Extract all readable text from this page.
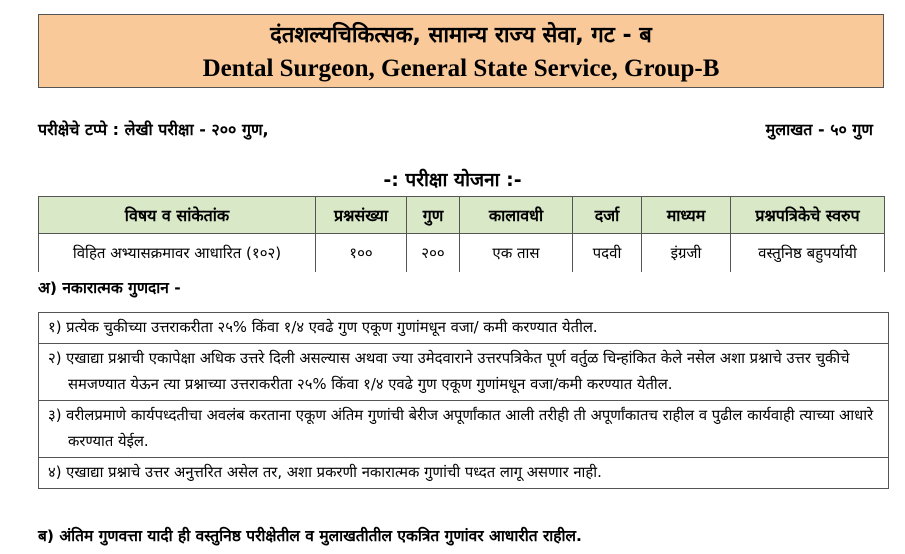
दंतशल्यचिकित्सक, सामान्य राज्य सेवा, गट - ब
Dental Surgeon, General State Service, Group-B
परीक्षेचे टप्पे : लेखी परीक्षा - २०० गुण,	मुलाखत - ५० गुण
-: परीक्षा योजना :-
विषय व सांकेतांक	प्रश्नसंख्या	गुण	कालावधी	दर्जा	माध्यम	प्रश्नपत्रिकेचे स्वरुप
विहित अभ्यासक्रमावर आधारित (१०२)	१००	२००	एक तास	पदवी	इंग्रजी	वस्तुनिष्ठ बहुपर्यायी
अ) नकारात्मक गुणदान -
१) प्रत्येक चुकीच्या उत्तराकरीता २५% किंवा १/४ एवढे गुण एकूण गुणांमधून वजा/ कमी करण्यात येतील.
२) एखाद्या प्रश्नाची एकापेक्षा अधिक उत्तरे दिली असल्यास अथवा ज्या उमेदवाराने उत्तरपत्रिकेत पूर्ण वर्तुळ चिन्हांकित केले नसेल अशा प्रश्नाचे उत्तर चुकीचे समजण्यात येऊन त्या प्रश्नाच्या उत्तराकरीता २५% किंवा १/४ एवढे गुण एकूण गुणांमधून वजा/कमी करण्यात येतील.
३) वरीलप्रमाणे कार्यपध्दतीचा अवलंब करताना एकूण अंतिम गुणांची बेरीज अपूर्णांकात आली तरीही ती अपूर्णांकातच राहील व पुढील कार्यवाही त्याच्या आधारे करण्यात येईल.
४) एखाद्या प्रश्नाचे उत्तर अनुत्तरित असेल तर, अशा प्रकरणी नकारात्मक गुणांची पध्दत लागू असणार नाही.
ब) अंतिम गुणवत्ता यादी ही वस्तुनिष्ठ परीक्षेतील व मुलाखतीतील एकत्रित गुणांवर आधारीत राहील.
